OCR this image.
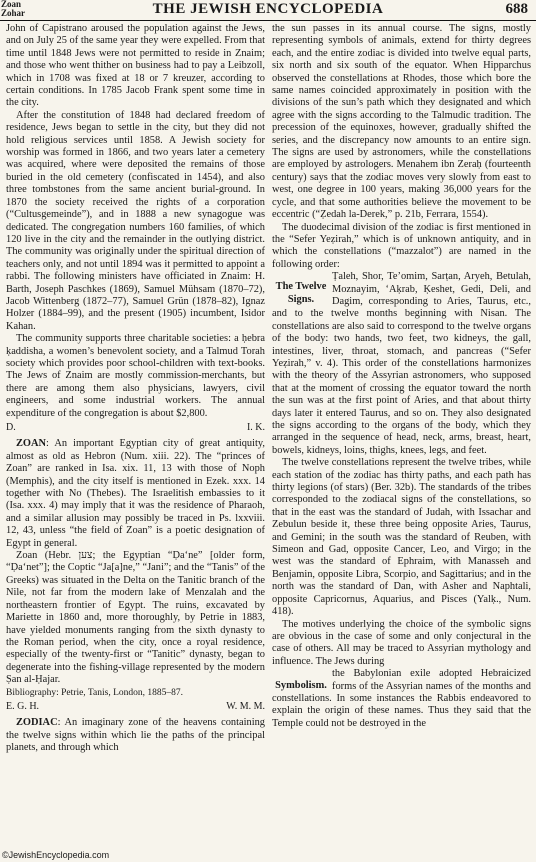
Zoan
Zohar	THE JEWISH ENCYCLOPEDIA	688

John of Capistrano aroused the population against the Jews, and on July 25 of the same year they were expelled. From that time until 1848 Jews were not permitted to reside in Znaim; and those who went thither on business had to pay a Leibzoll, which in 1708 was fixed at 18 or 7 kreuzer, according to certain conditions. In 1785 Jacob Frank spent some time in the city.

After the constitution of 1848 had declared freedom of residence, Jews began to settle in the city, but they did not hold religious services until 1858. A Jewish society for worship was formed in 1866, and two years later a cemetery was acquired, where were deposited the remains of those buried in the old cemetery (confiscated in 1454), and also three tombstones from the same ancient burial-ground. In 1870 the society received the rights of a corporation (“Cultusgemeinde”), and in 1888 a new synagogue was dedicated. The congregation numbers 160 families, of which 120 live in the city and the remainder in the outlying district. The community was originally under the spiritual direction of teachers only, and not until 1894 was it permitted to appoint a rabbi. The following ministers have officiated in Znaim: H. Barth, Joseph Paschkes (1869), Samuel Mühsam (1870–72), Jacob Wittenberg (1872–77), Samuel Grün (1878–82), Ignaz Holzer (1884–99), and the present (1905) incumbent, Isidor Kahan.

The community supports three charitable societies: a ḥebra ḳaddisha, a women’s benevolent society, and a Talmud Torah society which provides poor school-children with text-books. The Jews of Znaim are mostly commission-merchants, but there are among them also physicians, lawyers, civil engineers, and some industrial workers. The annual expenditure of the congregation is about $2,800.

D.	I. K.

ZOAN: An important Egyptian city of great antiquity, almost as old as Hebron (Num. xiii. 22). The “princes of Zoan” are ranked in Isa. xix. 11, 13 with those of Noph (Memphis), and the city itself is mentioned in Ezek. xxx. 14 together with No (Thebes). The Israelitish embassies to it (Isa. xxx. 4) may imply that it was the residence of Pharaoh, and a similar allusion may possibly be traced in Ps. lxxviii. 12, 43, unless “the field of Zoan” is a poetic designation of Egypt in general.

Zoan (Hebr. צען; the Egyptian “Ḍa‘ne” [older form, “Ḍa‘net”]; the Coptic “Ja[a]ne,” “Jani”; and the “Tanis” of the Greeks) was situated in the Delta on the Tanitic branch of the Nile, not far from the modern lake of Menzalah and the northeastern frontier of Egypt. The ruins, excavated by Mariette in 1860 and, more thoroughly, by Petrie in 1883, have yielded monuments ranging from the sixth dynasty to the Roman period, when the city, once a royal residence, especially of the twenty-first or “Tanitic” dynasty, began to degenerate into the fishing-village represented by the modern Ṣan al-Ḥajar.

Bibliography: Petrie, Tanis, London, 1885–87.

E. G. H.	W. M. M.

ZODIAC: An imaginary zone of the heavens containing the twelve signs within which lie the paths of the principal planets, and through which

the sun passes in its annual course. The signs, mostly representing symbols of animals, extend for thirty degrees each, and the entire zodiac is divided into twelve equal parts, six north and six south of the equator. When Hipparchus observed the constellations at Rhodes, those which bore the same names coincided approximately in position with the divisions of the sun’s path which they designated and which agree with the signs according to the Talmudic tradition. The precession of the equinoxes, however, gradually shifted the series, and the discrepancy now amounts to an entire sign. The signs are used by astronomers, while the constellations are employed by astrologers. Menahem ibn Zeraḥ (fourteenth century) says that the zodiac moves very slowly from east to west, one degree in 100 years, making 36,000 years for the cycle, and that some authorities believe the movement to be eccentric (“Ẓedah la-Derek,” p. 21b, Ferrara, 1554).

The duodecimal division of the zodiac is first mentioned in the “Sefer Yeẓirah,” which is of unknown antiquity, and in which the constellations (“mazzalot”) are named in the following order:

The Twelve Signs.

Ṭaleh, Shor, Te’omim, Sarṭan, Aryeh, Betulah, Moznayim, ‘Aḳrab, Ḳeshet, Gedi, Deli, and Dagim, corresponding to Aries, Taurus, etc., and to the twelve months beginning with Nisan. The constellations are also said to correspond to the twelve organs of the body: two hands, two feet, two kidneys, the gall, intestines, liver, throat, stomach, and pancreas (“Sefer Yeẓirah,” v. 4). This order of the constellations harmonizes with the theory of the Assyrian astronomers, who supposed that at the moment of crossing the equator toward the north the sun was at the first point of Aries, and that about thirty days later it entered Taurus, and so on. They also designated the signs according to the organs of the body, which they arranged in the sequence of head, neck, arms, breast, heart, bowels, kidneys, loins, thighs, knees, legs, and feet.

The twelve constellations represent the twelve tribes, while each station of the zodiac has thirty paths, and each path has thirty legions (of stars) (Ber. 32b). The standards of the tribes corresponded to the zodiacal signs of the constellations, so that in the east was the standard of Judah, with Issachar and Zebulun beside it, these three being opposite Aries, Taurus, and Gemini; in the south was the standard of Reuben, with Simeon and Gad, opposite Cancer, Leo, and Virgo; in the west was the standard of Ephraim, with Manasseh and Benjamin, opposite Libra, Scorpio, and Sagittarius; and in the north was the standard of Dan, with Asher and Naphtali, opposite Capricornus, Aquarius, and Pisces (Yalḳ., Num. 418).

The motives underlying the choice of the symbolic signs are obvious in the case of some and only conjectural in the case of others. All may be traced to Assyrian mythology and influence. The Jews during

Symbolism.

the Babylonian exile adopted Hebraicized forms of the Assyrian names of the months and constellations. In some instances the Rabbis endeavored to explain the origin of these names. Thus they said that the Temple could not be destroyed in the

©JewishEncyclopedia.com
